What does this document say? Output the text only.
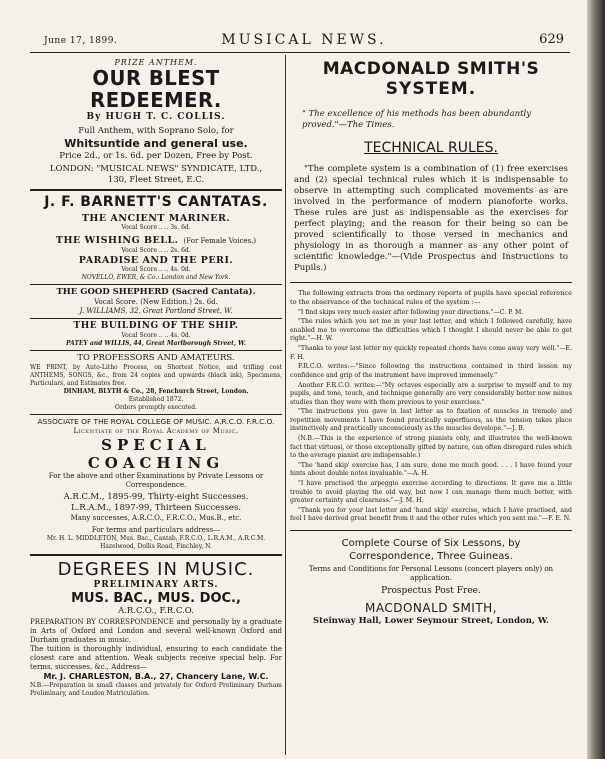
June 17, 1899.	MUSICAL NEWS.	629
PRIZE ANTHEM.
OUR BLEST REDEEMER.
By HUGH T. C. COLLIS.
Full Anthem, with Soprano Solo, for
Whitsuntide and general use.
Price 2d., or 1s. 6d. per Dozen, Free by Post.
LONDON: "MUSICAL NEWS" SYNDICATE, LTD.,
130, Fleet Street, E.C.
J. F. BARNETT'S CANTATAS.
THE ANCIENT MARINER.
Vocal Score .. .. 3s. 6d.
THE WISHING BELL. (For Female Voices.)
Vocal Score .. .. 2s. 6d.
PARADISE AND THE PERI.
Vocal Score .. .. 4s. 0d.
NOVELLO, EWER, & Co.: London and New York.
THE GOOD SHEPHERD (Sacred Cantata).
Vocal Score. (New Edition.) 2s. 6d.
J. WILLIAMS, 32, Great Portland Street, W.
THE BUILDING OF THE SHIP.
Vocal Score .. .. 4s. 0d.
PATEY and WILLIS, 44, Great Marlborough Street, W.
TO PROFESSORS AND AMATEURS.
WE PRINT, by Auto-Litho Process, on Shortest Notice, and trifling cost ANTHEMS, SONGS, &c., from 24 copies and upwards (black ink), Specimens, Particulars, and Estimates free.
DINHAM, BLYTH & Co., 28, Fenchurch Street, London.
Established 1872.
Orders promptly executed.
ASSOCIATE OF THE ROYAL COLLEGE OF MUSIC. A.R.C.O. F.R.C.O.
Licentiate of the Royal Academy of Music.
SPECIAL COACHING
For the above and other Examinations by Private Lessons or Correspondence.
A.R.C.M., 1895-99, Thirty-eight Successes.
L.R.A.M., 1897-99, Thirteen Successes.
Many successes, A.R.C.O., F.R.C.O., Mus.B., etc.
For terms and particulars address—
Mr. H. L. MIDDLETON, Mus. Bac., Cantab, F.R.C.O., L.R.A.M., A.R.C.M.
Hazelwood, Dollis Road, Finchley, N.
DEGREES IN MUSIC.
PRELIMINARY ARTS.
MUS. BAC., MUS. DOC.,
A.R.C.O., F.R.C.O.
PREPARATION BY CORRESPONDENCE and personally by a graduate in Arts of Oxford and London and several well-known Oxford and Durham graduates in music.
The tuition is thoroughly individual, ensuring to each candidate the closest care and attention. Weak subjects receive special help. For terms, successes, &c., Address—
Mr. J. CHARLESTON, B.A., 27, Chancery Lane, W.C.
N.B.—Preparation in small classes and privately for Oxford Preliminary Durham Preliminary, and London Matriculation.
MACDONALD SMITH'S
SYSTEM.
" The excellence of his methods has been abundantly proved."—The Times.
TECHNICAL RULES.
"The complete system is a combination of (1) free exercises and (2) special technical rules which it is indispensable to observe in attempting such complicated movements as are involved in the performance of modern pianoforte works. These rules are just as indispensable as the exercises for perfect playing; and the reason for their being so can be proved scientifically to those versed in mechanics and physiology in as thorough a manner as any other point of scientific knowledge."—(Vide Prospectus and Instructions to Pupils.)
The following extracts from the ordinary reports of pupils have special reference to the observance of the technical rules of the system :—
"I find skips very much easier after following your directions."—C. P. M.
"The rules which you set me in your last letter, and which I followed carefully, have enabled me to overcome the difficulties which I thought I should never be able to get right."—H. W.
"Thanks to your last letter my quickly repeated chords have come away very well."—E. F. H.
F.R.C.O. writes:—"Since following the instructions contained in third lesson my confidence and grip of the instrument have improved immensely."
Another F.R.C.O. writes:—"My octaves especially are a surprise to myself and to my pupils, and tone, touch, and technique generally are very considerably better now minus studies than they were with them previous to your exercises."
"The instructions you gave in last letter as to fixation of muscles in tremolo and repetition movements I have found practically superfluous, as the tension takes place instinctively and practically unconsciously as the muscles develope."—J. B.
(N.B.—This is the experience of strong pianists only, and illustrates the well-known fact that virtuosi, or those exceptionally gifted by nature, can often disregard rules which to the average pianist are indispensable.)
"The 'hand skip' exercise has, I am sure, done me much good. . . . I have found your hints about double notes invaluable."—A. H.
"I have practised the arpeggio exercise according to directions. It gave me a little trouble to avoid playing the old way, but now I can manage them much better, with greater certainty and clearness."—J. M. H.
"Thank you for your last letter and 'hand skip' exercise, which I have practised, and feel I have derived great benefit from it and the other rules which you sent me."—F. E. N.
Complete Course of Six Lessons, by
Correspondence, Three Guineas.
Terms and Conditions for Personal Lessons (concert players only) on application.
Prospectus Post Free.
MACDONALD SMITH,
Steinway Hall, Lower Seymour Street, London, W.
